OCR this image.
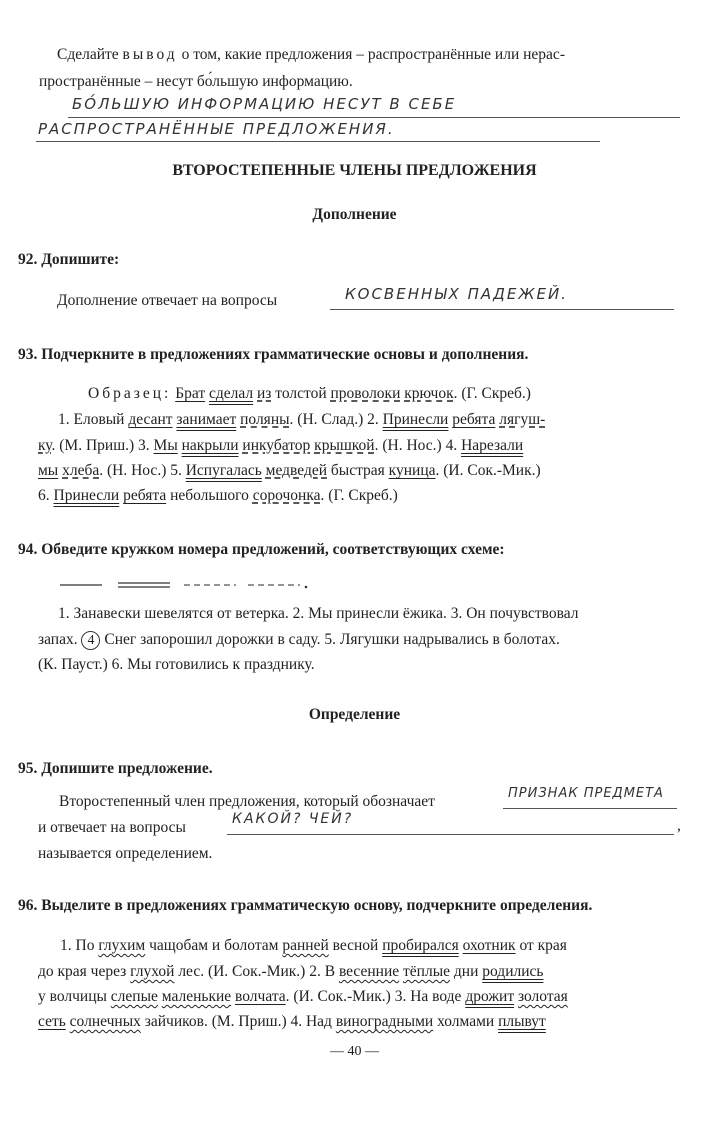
Сделайте вывод о том, какие предложения – распространённые или нерас-
пространённые – несут бо́льшую информацию.
БО́ЛЬШУЮ ИНФОРМАЦИЮ НЕСУТ В СЕБЕ
РАСПРОСТРАНЁННЫЕ ПРЕДЛОЖЕНИЯ.
ВТОРОСТЕПЕННЫЕ ЧЛЕНЫ ПРЕДЛОЖЕНИЯ
Дополнение
92. Допишите:
Дополнение отвечает на вопросы	КОСВЕННЫХ ПАДЕЖЕЙ.
93. Подчеркните в предложениях грамматические основы и дополнения.
Образец: Брат сделал из толстой проволоки крючок. (Г. Скреб.)
1. Еловый десант занимает поляны. (Н. Слад.) 2. Принесли ребята лягуш-
ку. (М. Приш.) 3. Мы накрыли инкубатор крышкой. (Н. Нос.) 4. Нарезали
мы хлеба. (Н. Нос.) 5. Испугалась медведей быстрая куница. (И. Сок.-Мик.)
6. Принесли ребята небольшого сорочонка. (Г. Скреб.)
94. Обведите кружком номера предложений, соответствующих схеме:
1. Занавески шевелятся от ветерка. 2. Мы принесли ёжика. 3. Он почувствовал
запах. 4 Снег запорошил дорожки в саду. 5. Лягушки надрывались в болотах.
(К. Пауст.) 6. Мы готовились к празднику.
Определение
95. Допишите предложение.
Второстепенный член предложения, который обозначает	ПРИЗНАК ПРЕДМЕТА
и отвечает на вопросы	КАКОЙ? ЧЕЙ?	,
называется определением.
96. Выделите в предложениях грамматическую основу, подчеркните определения.
1. По глухим чащобам и болотам ранней весной пробирался охотник от края
до края через глухой лес. (И. Сок.-Мик.) 2. В весенние тёплые дни родились
у волчицы слепые маленькие волчата. (И. Сок.-Мик.) 3. На воде дрожит золотая
сеть солнечных зайчиков. (М. Приш.) 4. Над виноградными холмами плывут
— 40 —
